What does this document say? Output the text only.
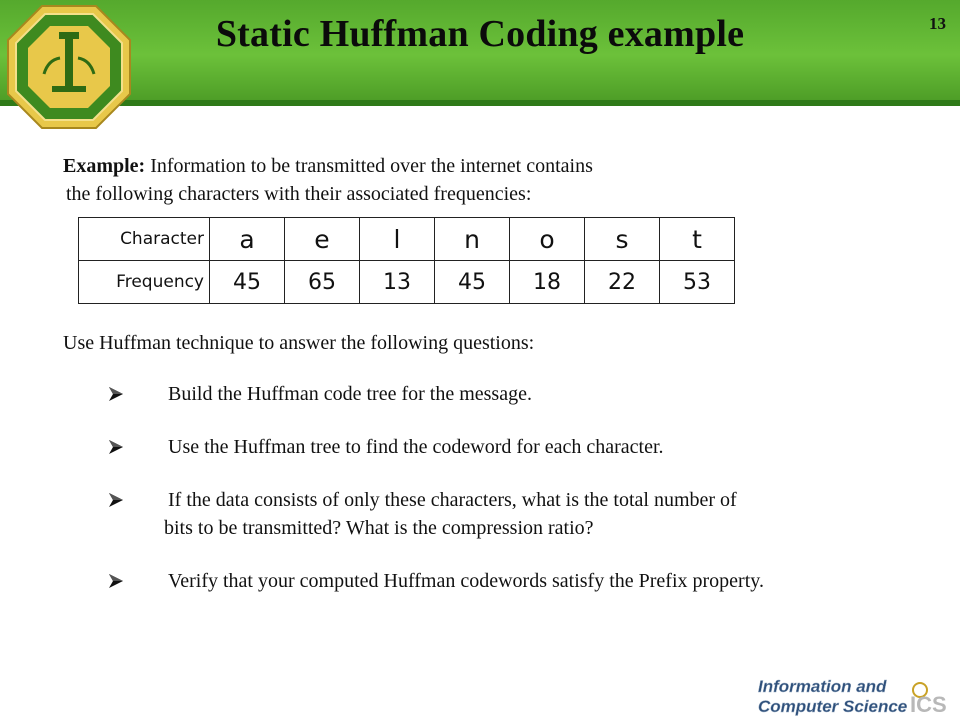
Static Huffman Coding example	13
Example: Information to be transmitted over the internet contains
the following characters with their associated frequencies:
Character	a	e	l	n	o	s	t
Frequency	45	65	13	45	18	22	53
Use Huffman technique to answer the following questions:
Build the Huffman code tree for the message.
Use the Huffman tree to find the codeword for each character.
If the data consists of only these characters, what is the total number of
bits to be transmitted? What is the compression ratio?
Verify that your computed Huffman codewords satisfy the Prefix property.
Information and
Computer Science ICS
